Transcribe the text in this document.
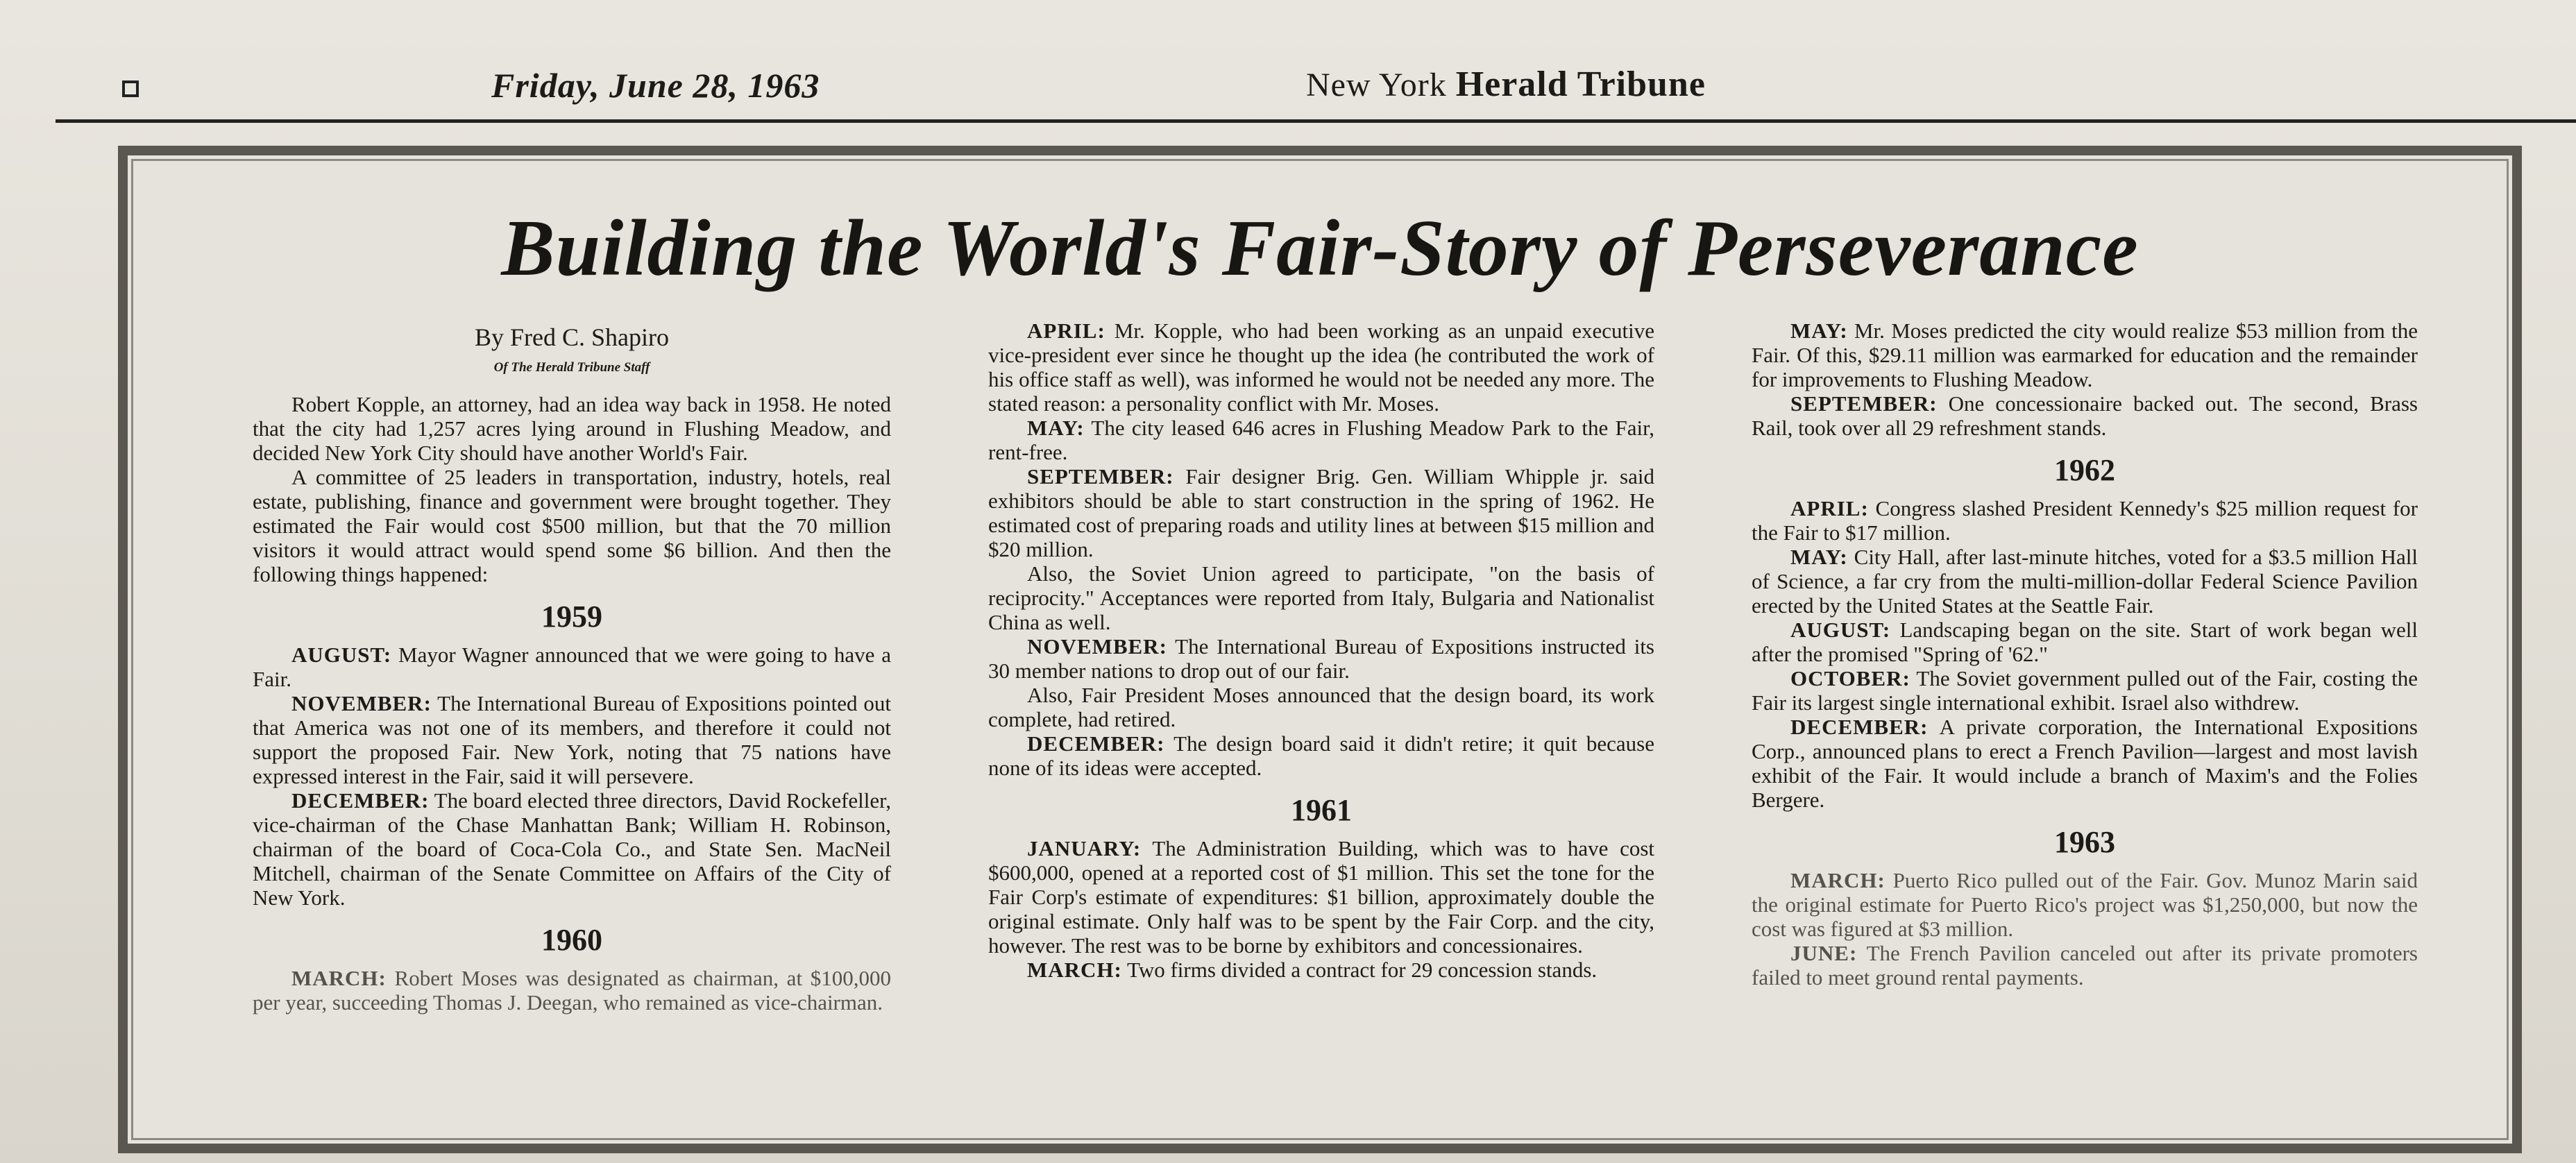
Friday, June 28, 1963	New York Herald Tribune
Building the World's Fair-Story of Perseverance

By Fred C. Shapiro

Of The Herald Tribune Staff

Robert Kopple, an attorney, had an idea way back in 1958. He noted that the city had 1,257 acres lying around in Flushing Meadow, and decided New York City should have another World's Fair.

A committee of 25 leaders in transportation, industry, hotels, real estate, publishing, finance and government were brought together. They estimated the Fair would cost $500 million, but that the 70 million visitors it would attract would spend some $6 billion. And then the following things happened:

1959

AUGUST: Mayor Wagner announced that we were going to have a Fair.

NOVEMBER: The International Bureau of Expositions pointed out that America was not one of its members, and therefore it could not support the proposed Fair. New York, noting that 75 nations have expressed interest in the Fair, said it will persevere.

DECEMBER: The board elected three directors, David Rockefeller, vice-chairman of the Chase Manhattan Bank; William H. Robinson, chairman of the board of Coca-Cola Co., and State Sen. MacNeil Mitchell, chairman of the Senate Committee on Affairs of the City of New York.

1960

MARCH: Robert Moses was designated as chairman, at $100,000 per year, succeeding Thomas J. Deegan, who remained as vice-chairman.

APRIL: Mr. Kopple, who had been working as an unpaid executive vice-president ever since he thought up the idea (he contributed the work of his office staff as well), was informed he would not be needed any more. The stated reason: a personality conflict with Mr. Moses.

MAY: The city leased 646 acres in Flushing Meadow Park to the Fair, rent-free.

SEPTEMBER: Fair designer Brig. Gen. William Whipple jr. said exhibitors should be able to start construction in the spring of 1962. He estimated cost of preparing roads and utility lines at between $15 million and $20 million.

Also, the Soviet Union agreed to participate, "on the basis of reciprocity." Acceptances were reported from Italy, Bulgaria and Nationalist China as well.

NOVEMBER: The International Bureau of Expositions instructed its 30 member nations to drop out of our fair.

Also, Fair President Moses announced that the design board, its work complete, had retired.

DECEMBER: The design board said it didn't retire; it quit because none of its ideas were accepted.

1961

JANUARY: The Administration Building, which was to have cost $600,000, opened at a reported cost of $1 million. This set the tone for the Fair Corp's estimate of expenditures: $1 billion, approximately double the original estimate. Only half was to be spent by the Fair Corp. and the city, however. The rest was to be borne by exhibitors and concessionaires.

MARCH: Two firms divided a contract for 29 concession stands.

MAY: Mr. Moses predicted the city would realize $53 million from the Fair. Of this, $29.11 million was earmarked for education and the remainder for improvements to Flushing Meadow.

SEPTEMBER: One concessionaire backed out. The second, Brass Rail, took over all 29 refreshment stands.

1962

APRIL: Congress slashed President Kennedy's $25 million request for the Fair to $17 million.

MAY: City Hall, after last-minute hitches, voted for a $3.5 million Hall of Science, a far cry from the multi-million-dollar Federal Science Pavilion erected by the United States at the Seattle Fair.

AUGUST: Landscaping began on the site. Start of work began well after the promised "Spring of '62."

OCTOBER: The Soviet government pulled out of the Fair, costing the Fair its largest single international exhibit. Israel also withdrew.

DECEMBER: A private corporation, the International Expositions Corp., announced plans to erect a French Pavilion—largest and most lavish exhibit of the Fair. It would include a branch of Maxim's and the Folies Bergere.

1963

MARCH: Puerto Rico pulled out of the Fair. Gov. Munoz Marin said the original estimate for Puerto Rico's project was $1,250,000, but now the cost was figured at $3 million.

JUNE: The French Pavilion canceled out after its private promoters failed to meet ground rental payments.
